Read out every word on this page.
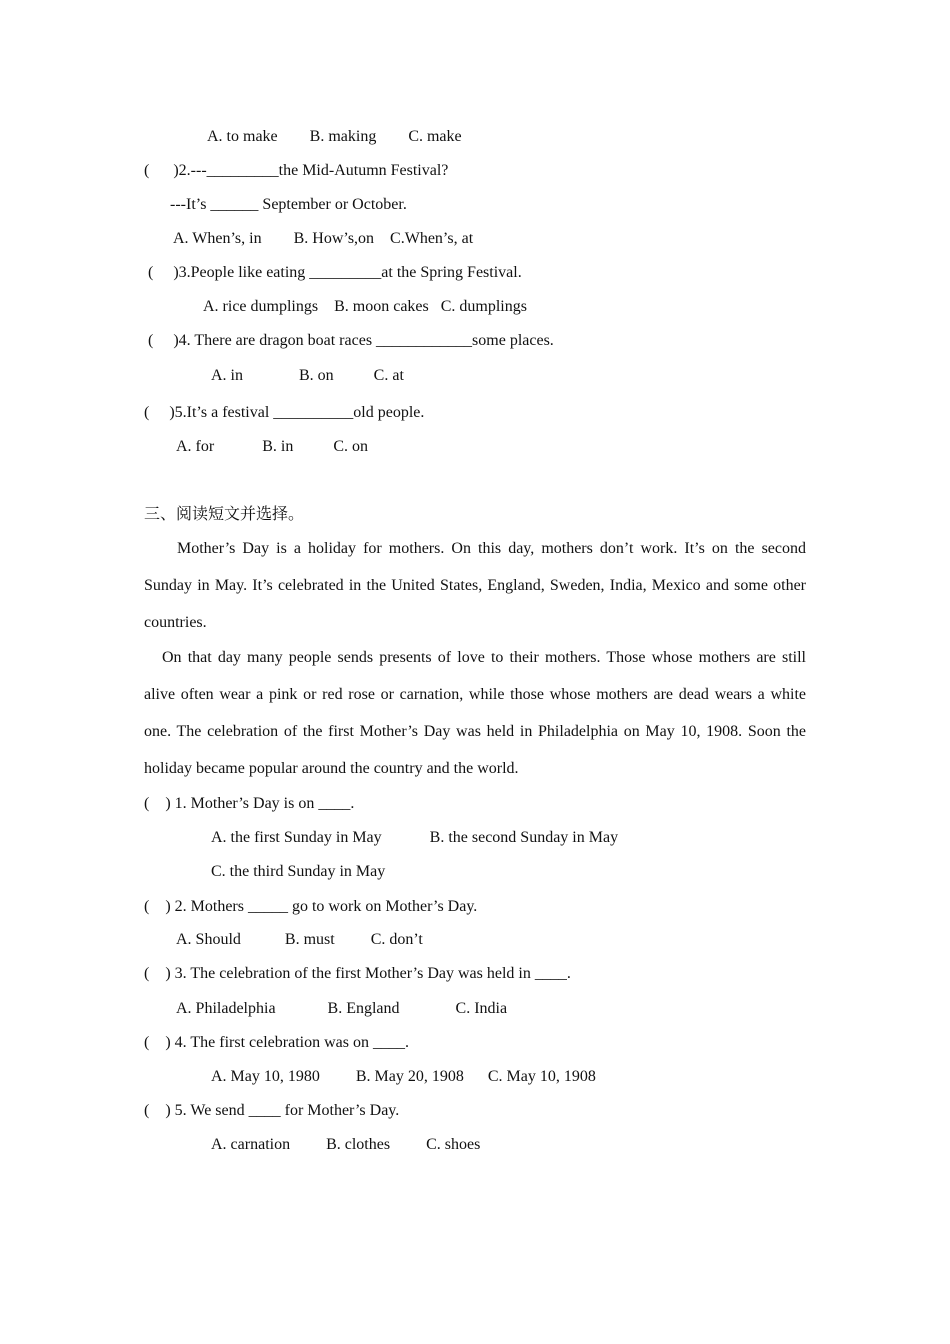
A. to make        B. making        C. make
(      )2.---_________the Mid-Autumn Festival?
---It’s ______ September or October.
A. When’s, in        B. How’s,on    C.When’s, at
(     )3.People like eating _________at the Spring Festival.
A. rice dumplings    B. moon cakes   C. dumplings
(     )4. There are dragon boat races ____________some places.
A. in              B. on          C. at
(     )5.It’s a festival __________old people.
A. for            B. in          C. on
三、阅读短文并选择。
Mother’s Day is a holiday for mothers. On this day, mothers don’t work. It’s on the second Sunday in May. It’s celebrated in the United States, England, Sweden, India, Mexico and some other countries.
On that day many people sends presents of love to their mothers. Those whose mothers are still alive often wear a pink or red rose or carnation, while those whose mothers are dead wears a white one. The celebration of the first Mother’s Day was held in Philadelphia on May 10, 1908. Soon the holiday became popular around the country and the world.
(    ) 1. Mother’s Day is on ____.
A. the first Sunday in May            B. the second Sunday in May
C. the third Sunday in May
(    ) 2. Mothers _____ go to work on Mother’s Day.
A. Should           B. must         C. don’t
(    ) 3. The celebration of the first Mother’s Day was held in ____.
A. Philadelphia             B. England              C. India
(    ) 4. The first celebration was on ____.
A. May 10, 1980         B. May 20, 1908      C. May 10, 1908
(    ) 5. We send ____ for Mother’s Day.
A. carnation         B. clothes         C. shoes
